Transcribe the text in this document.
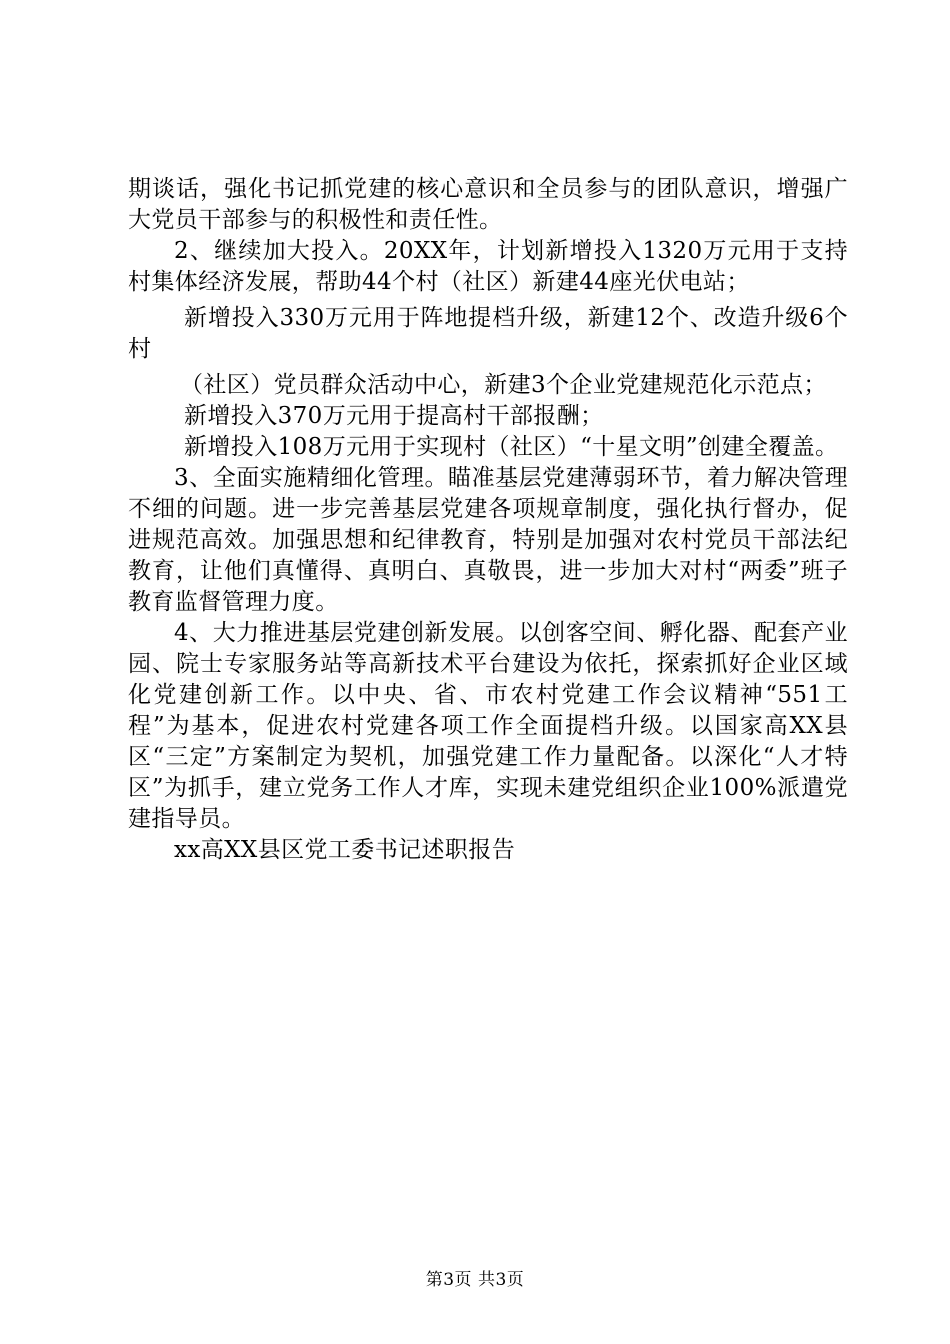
期谈话，强化书记抓党建的核心意识和全员参与的团队意识，增强广大党员干部参与的积极性和责任性。

2、继续加大投入。20XX年，计划新增投入1320万元用于支持村集体经济发展，帮助44个村（社区）新建44座光伏电站；

新增投入330万元用于阵地提档升级，新建12个、改造升级6个村

（社区）党员群众活动中心，新建3个企业党建规范化示范点；

新增投入370万元用于提高村干部报酬；

新增投入108万元用于实现村（社区）“十星文明”创建全覆盖。

3、全面实施精细化管理。瞄准基层党建薄弱环节，着力解决管理不细的问题。进一步完善基层党建各项规章制度，强化执行督办，促进规范高效。加强思想和纪律教育，特别是加强对农村党员干部法纪教育，让他们真懂得、真明白、真敬畏，进一步加大对村“两委”班子教育监督管理力度。

4、大力推进基层党建创新发展。以创客空间、孵化器、配套产业园、院士专家服务站等高新技术平台建设为依托，探索抓好企业区域化党建创新工作。以中央、省、市农村党建工作会议精神“551工程”为基本，促进农村党建各项工作全面提档升级。以国家高XX县区“三定”方案制定为契机，加强党建工作力量配备。以深化“人才特区”为抓手，建立党务工作人才库，实现未建党组织企业100%派遣党建指导员。

xx高XX县区党工委书记述职报告

第3页 共3页
